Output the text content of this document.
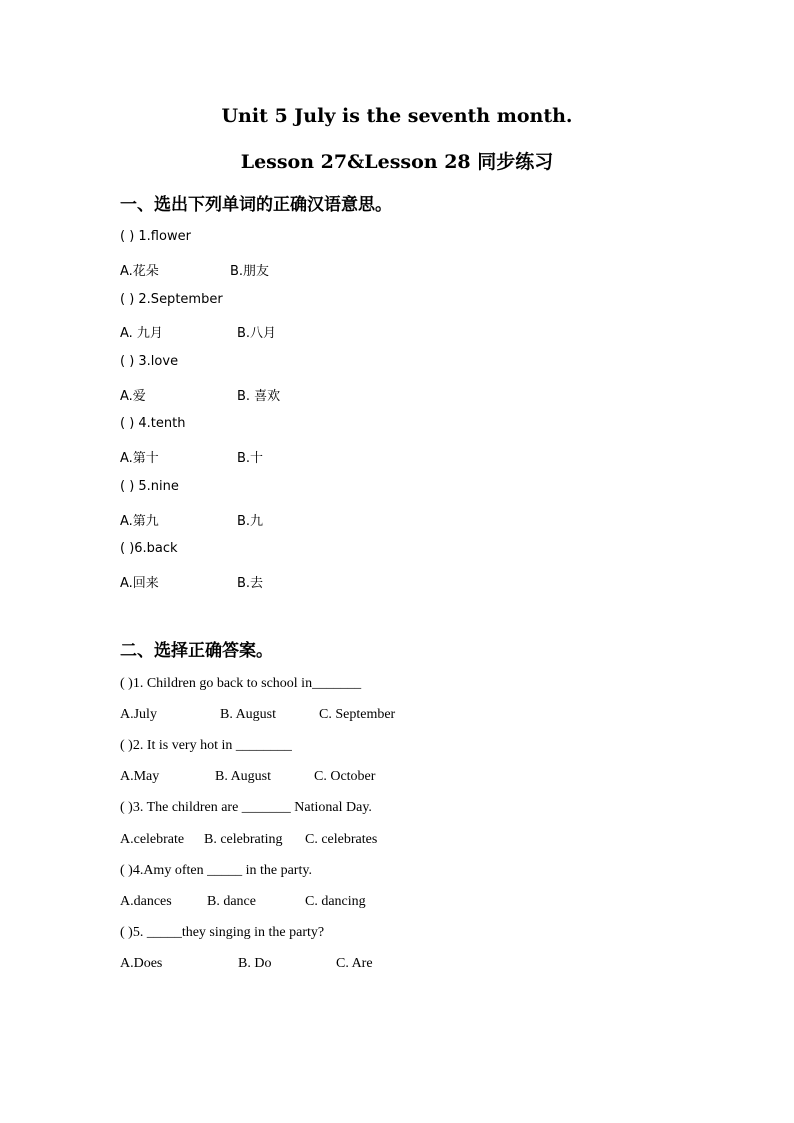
Unit 5 July is the seventh month.
Lesson 27&Lesson 28 同步练习
一、选出下列单词的正确汉语意思。
( ) 1.flower
A.花朵	B.朋友
( ) 2.September
A. 九月	B.八月
( ) 3.love
A.爱	B. 喜欢
( ) 4.tenth
A.第十	B.十
( ) 5.nine
A.第九	B.九
( )6.back
A.回来	B.去
二、选择正确答案。
( )1. Children go back to school in_______
A.July	B. August	C. September
( )2. It is very hot in ________
A.May	B. August	C. October
( )3. The children are _______ National Day.
A.celebrate B. celebrating C. celebrates
( )4.Amy often _____ in the party.
A.dances	B. dance	C. dancing
( )5. _____they singing in the party?
A.Does	B. Do	C. Are
